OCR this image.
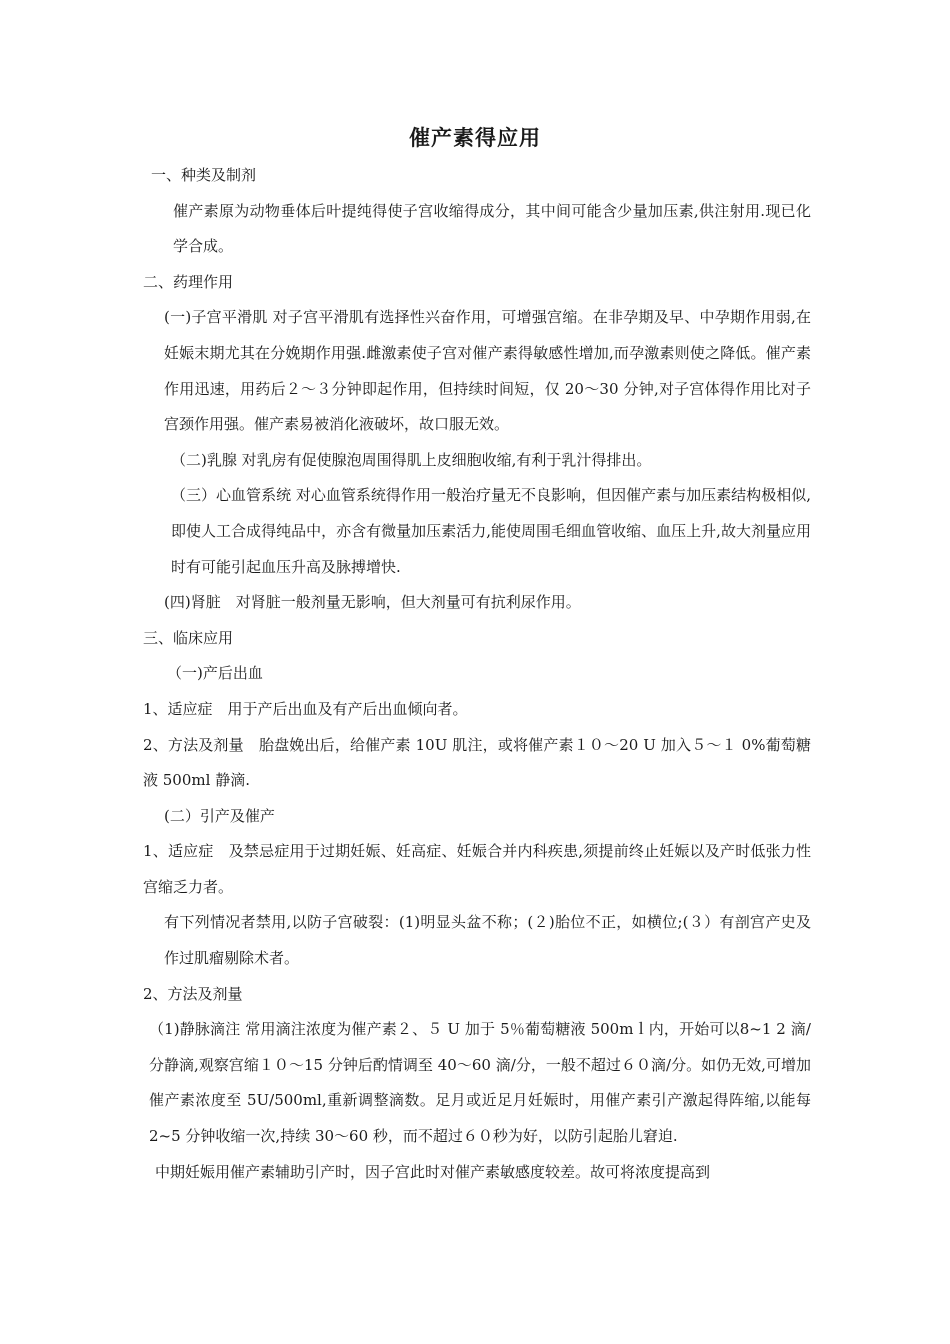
催产素得应用

一、种类及制剂

催产素原为动物垂体后叶提纯得使子宫收缩得成分，其中间可能含少量加压素,供注射用.现已化学合成。

二、药理作用

(一)子宫平滑肌 对子宫平滑肌有选择性兴奋作用，可增强宫缩。在非孕期及早、中孕期作用弱,在妊娠末期尤其在分娩期作用强.雌激素使子宫对催产素得敏感性增加,而孕激素则使之降低。催产素作用迅速，用药后２～３分钟即起作用，但持续时间短，仅 20～30 分钟,对子宫体得作用比对子宫颈作用强。催产素易被消化液破坏，故口服无效。

（二)乳腺 对乳房有促使腺泡周围得肌上皮细胞收缩,有利于乳汁得排出。

（三）心血管系统 对心血管系统得作用一般治疗量无不良影响，但因催产素与加压素结构极相似,即使人工合成得纯品中，亦含有微量加压素活力,能使周围毛细血管收缩、血压上升,故大剂量应用时有可能引起血压升高及脉搏增快.

(四)肾脏　对肾脏一般剂量无影响，但大剂量可有抗利尿作用。

三、临床应用

（一)产后出血

1、适应症　用于产后出血及有产后出血倾向者。

2、方法及剂量　胎盘娩出后，给催产素 10U 肌注，或将催产素１０～20 U 加入５～１ 0%葡萄糖液 500ml 静滴.

(二）引产及催产

1、适应症　及禁忌症用于过期妊娠、妊高症、妊娠合并内科疾患,须提前终止妊娠以及产时低张力性宫缩乏力者。

有下列情况者禁用,以防子宫破裂：(1)明显头盆不称；(２)胎位不正，如横位;(３）有剖宫产史及作过肌瘤剔除术者。

2、方法及剂量

（1)静脉滴注 常用滴注浓度为催产素２、５ U 加于 5％葡萄糖液 500mｌ内，开始可以8~1 2 滴/分静滴,观察宫缩１０～15 分钟后酌情调至 40～60 滴/分，一般不超过６０滴/分。如仍无效,可增加催产素浓度至 5U/500ml,重新调整滴数。足月或近足月妊娠时，用催产素引产激起得阵缩,以能每 2~5 分钟收缩一次,持续 30～60 秒，而不超过６０秒为好，以防引起胎儿窘迫.

中期妊娠用催产素辅助引产时，因子宫此时对催产素敏感度较差。故可将浓度提高到
